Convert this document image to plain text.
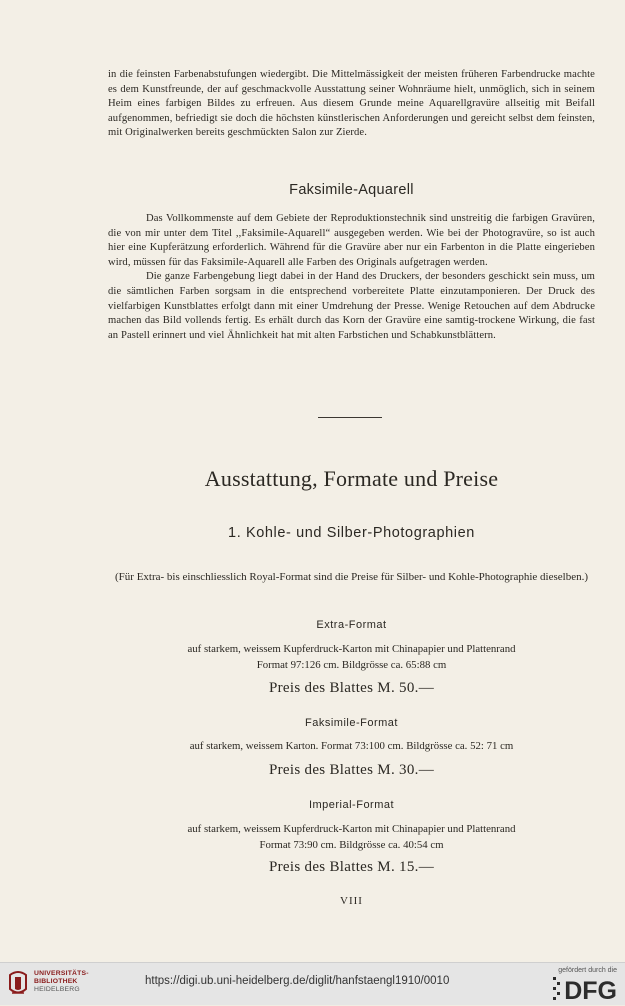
in die feinsten Farbenabstufungen wiedergibt. Die Mittelmässigkeit der meisten früheren Farbendrucke machte es dem Kunstfreunde, der auf geschmackvolle Ausstattung seiner Wohnräume hielt, unmöglich, sich in seinem Heim eines farbigen Bildes zu erfreuen. Aus diesem Grunde meine Aquarellgravüre allseitig mit Beifall aufgenommen, befriedigt sie doch die höchsten künstlerischen Anforderungen und gereicht selbst dem feinsten, mit Originalwerken bereits geschmückten Salon zur Zierde.

Faksimile-Aquarell

Das Vollkommenste auf dem Gebiete der Reproduktionstechnik sind unstreitig die farbigen Gravüren, die von mir unter dem Titel ,,Faksimile-Aquarell“ ausgegeben werden. Wie bei der Photogravüre, so ist auch hier eine Kupferätzung erforderlich. Während für die Gravüre aber nur ein Farbenton in die Platte eingerieben wird, müssen für das Faksimile-Aquarell alle Farben des Originals aufgetragen werden.

Die ganze Farbengebung liegt dabei in der Hand des Druckers, der besonders geschickt sein muss, um die sämtlichen Farben sorgsam in die entsprechend vorbereitete Platte einzutamponieren. Der Druck des vielfarbigen Kunstblattes erfolgt dann mit einer Umdrehung der Presse. Wenige Retouchen auf dem Abdrucke machen das Bild vollends fertig. Es erhält durch das Korn der Gravüre eine samtig-trockene Wirkung, die fast an Pastell erinnert und viel Ähnlichkeit hat mit alten Farbstichen und Schabkunstblättern.

Ausstattung, Formate und Preise
1. Kohle- und Silber-Photographien

(Für Extra- bis einschliesslich Royal-Format sind die Preise für Silber- und Kohle-Photographie dieselben.)

Extra-Format

auf starkem, weissem Kupferdruck-Karton mit Chinapapier und Plattenrand

Format 97:126 cm. Bildgrösse ca. 65:88 cm

Preis des Blattes M. 50.—

Faksimile-Format

auf starkem, weissem Karton. Format 73:100 cm. Bildgrösse ca. 52: 71 cm

Preis des Blattes M. 30.—

Imperial-Format

auf starkem, weissem Kupferdruck-Karton mit Chinapapier und Plattenrand

Format 73:90 cm. Bildgrösse ca. 40:54 cm

Preis des Blattes M. 15.—

VIII

UNIVERSITÄTS-
BIBLIOTHEK
HEIDELBERG
https://digi.ub.uni-heidelberg.de/diglit/hanfstaengl1910/0010
gefördert durch die
DFG
